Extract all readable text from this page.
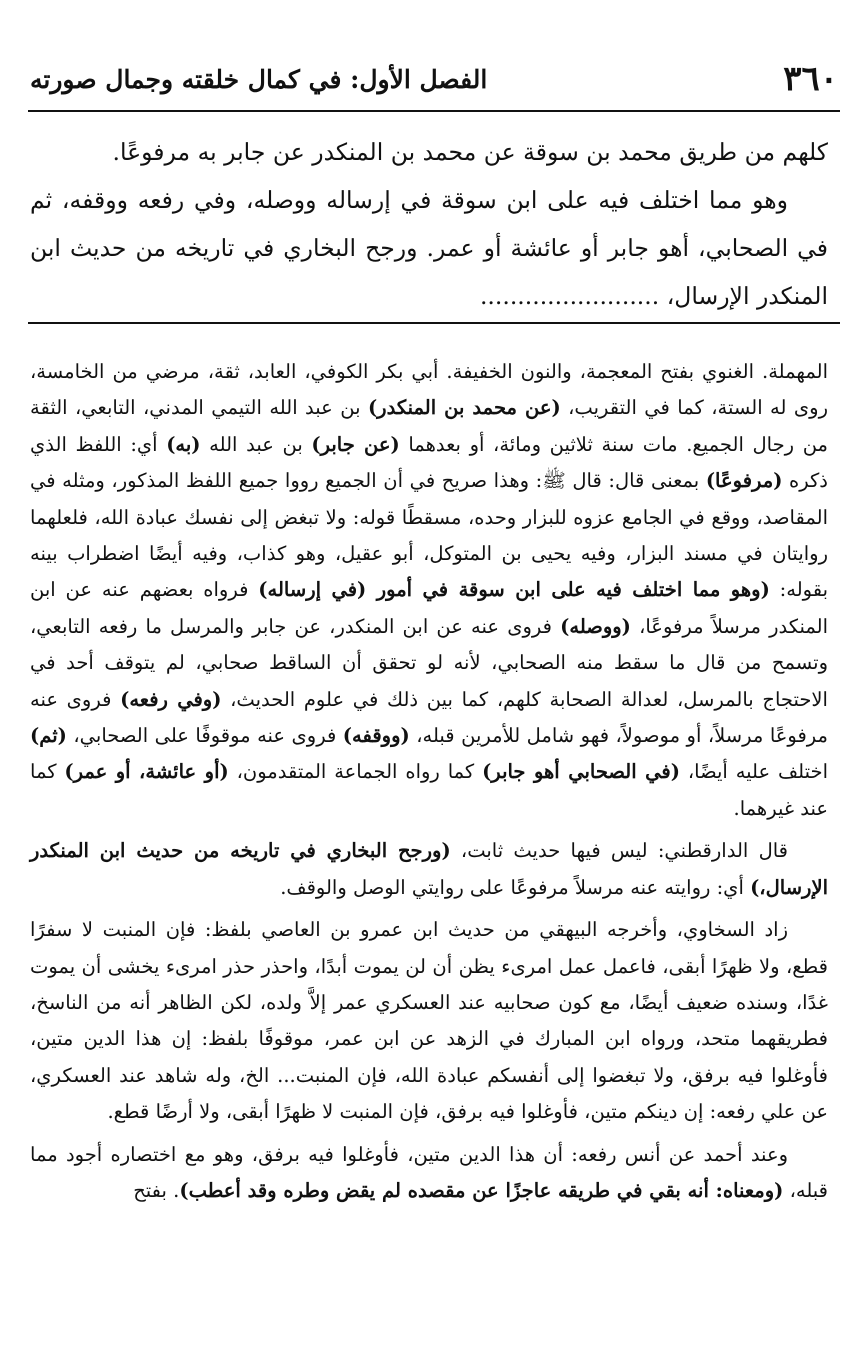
٣٦٠
الفصل الأول: في كمال خلقته وجمال صورته

كلهم من طريق محمد بن سوقة عن محمد بن المنكدر عن جابر به مرفوعًا.

وهو مما اختلف فيه على ابن سوقة في إرساله ووصله، وفي رفعه ووقفه، ثم في الصحابي، أهو جابر أو عائشة أو عمر. ورجح البخاري في تاريخه من حديث ابن المنكدر الإرسال، ........................

المهملة. الغنوي بفتح المعجمة، والنون الخفيفة. أبي بكر الكوفي، العابد، ثقة، مرضي من الخامسة، روى له الستة، كما في التقريب، (عن محمد بن المنكدر) بن عبد الله التيمي المدني، التابعي، الثقة من رجال الجميع. مات سنة ثلاثين ومائة، أو بعدهما (عن جابر) بن عبد الله (به) أي: اللفظ الذي ذكره (مرفوعًا) بمعنى قال: قال ﷺ: وهذا صريح في أن الجميع رووا جميع اللفظ المذكور، ومثله في المقاصد، ووقع في الجامع عزوه للبزار وحده، مسقطًا قوله: ولا تبغض إلى نفسك عبادة الله، فلعلهما روايتان في مسند البزار، وفيه يحيى بن المتوكل، أبو عقيل، وهو كذاب، وفيه أيضًا اضطراب بينه بقوله: (وهو مما اختلف فيه على ابن سوقة في أمور (في إرساله) فرواه بعضهم عنه عن ابن المنكدر مرسلاً مرفوعًا، (ووصله) فروى عنه عن ابن المنكدر، عن جابر والمرسل ما رفعه التابعي، وتسمح من قال ما سقط منه الصحابي، لأنه لو تحقق أن الساقط صحابي، لم يتوقف أحد في الاحتجاج بالمرسل، لعدالة الصحابة كلهم، كما بين ذلك في علوم الحديث، (وفي رفعه) فروى عنه مرفوعًا مرسلاً، أو موصولاً، فهو شامل للأمرين قبله، (ووقفه) فروى عنه موقوفًا على الصحابي، (ثم) اختلف عليه أيضًا، (في الصحابي أهو جابر) كما رواه الجماعة المتقدمون، (أو عائشة، أو عمر) كما عند غيرهما.

قال الدارقطني: ليس فيها حديث ثابت، (ورجح البخاري في تاريخه من حديث ابن المنكدر الإرسال،) أي: روايته عنه مرسلاً مرفوعًا على روايتي الوصل والوقف.

زاد السخاوي، وأخرجه البيهقي من حديث ابن عمرو بن العاصي بلفظ: فإن المنبت لا سفرًا قطع، ولا ظهرًا أبقى، فاعمل عمل امرىء يظن أن لن يموت أبدًا، واحذر حذر امرىء يخشى أن يموت غدًا، وسنده ضعيف أيضًا، مع كون صحابيه عند العسكري عمر إلاَّ ولده، لكن الظاهر أنه من الناسخ، فطريقهما متحد، ورواه ابن المبارك في الزهد عن ابن عمر، موقوفًا بلفظ: إن هذا الدين متين، فأوغلوا فيه برفق، ولا تبغضوا إلى أنفسكم عبادة الله، فإن المنبت... الخ، وله شاهد عند العسكري، عن علي رفعه: إن دينكم متين، فأوغلوا فيه برفق، فإن المنبت لا ظهرًا أبقى، ولا أرضًا قطع.

وعند أحمد عن أنس رفعه: أن هذا الدين متين، فأوغلوا فيه برفق، وهو مع اختصاره أجود مما قبله، (ومعناه: أنه بقي في طريقه عاجزًا عن مقصده لم يقض وطره وقد أعطب). بفتح
